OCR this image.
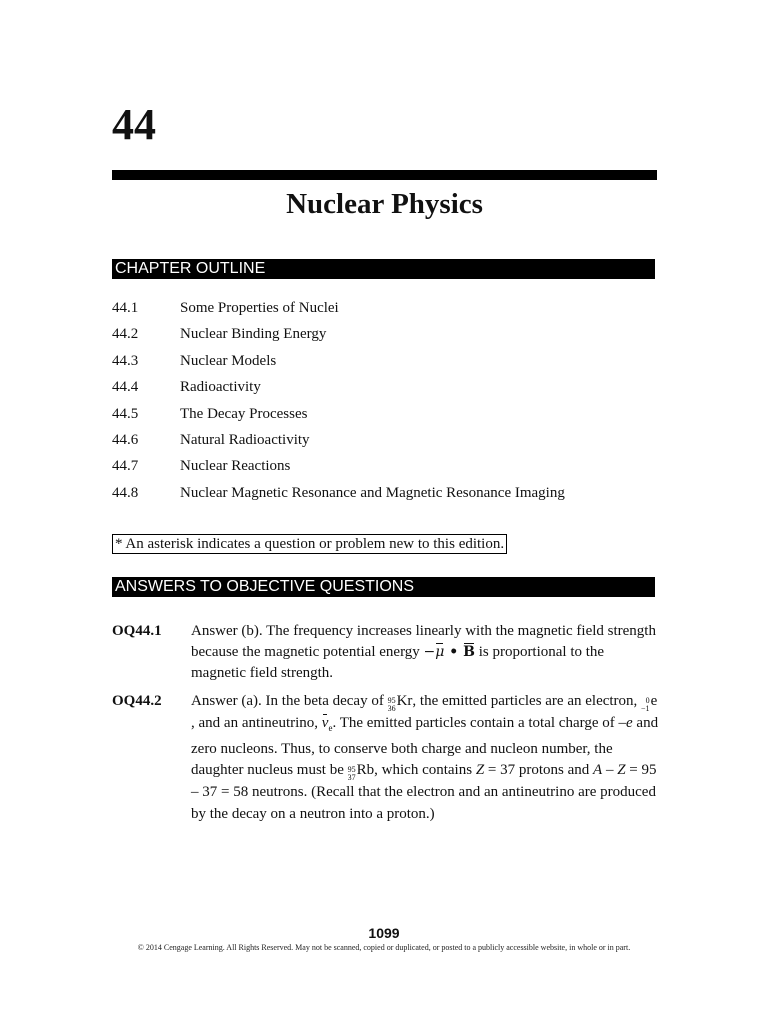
44
Nuclear Physics
CHAPTER OUTLINE
44.1	Some Properties of Nuclei
44.2	Nuclear Binding Energy
44.3	Nuclear Models
44.4	Radioactivity
44.5	The Decay Processes
44.6	Natural Radioactivity
44.7	Nuclear Reactions
44.8	Nuclear Magnetic Resonance and Magnetic Resonance Imaging
* An asterisk indicates a question or problem new to this edition.
ANSWERS TO OBJECTIVE QUESTIONS
OQ44.1	Answer (b). The frequency increases linearly with the magnetic field strength because the magnetic potential energy −μ • B is proportional to the magnetic field strength.
OQ44.2	Answer (a). In the beta decay of 95
36 Kr, the emitted particles are an electron, 0
−1 e, and an antineutrino, $v_e$. The emitted particles contain a total charge of –e and zero nucleons. Thus, to conserve both charge and nucleon number, the daughter nucleus must be 95
37 Rb, which contains Z = 37 protons and A – Z = 95 – 37 = 58 neutrons. (Recall that the electron and an antineutrino are produced by the decay on a neutron into a proton.)
1099
© 2014 Cengage Learning. All Rights Reserved. May not be scanned, copied or duplicated, or posted to a publicly accessible website, in whole or in part.
